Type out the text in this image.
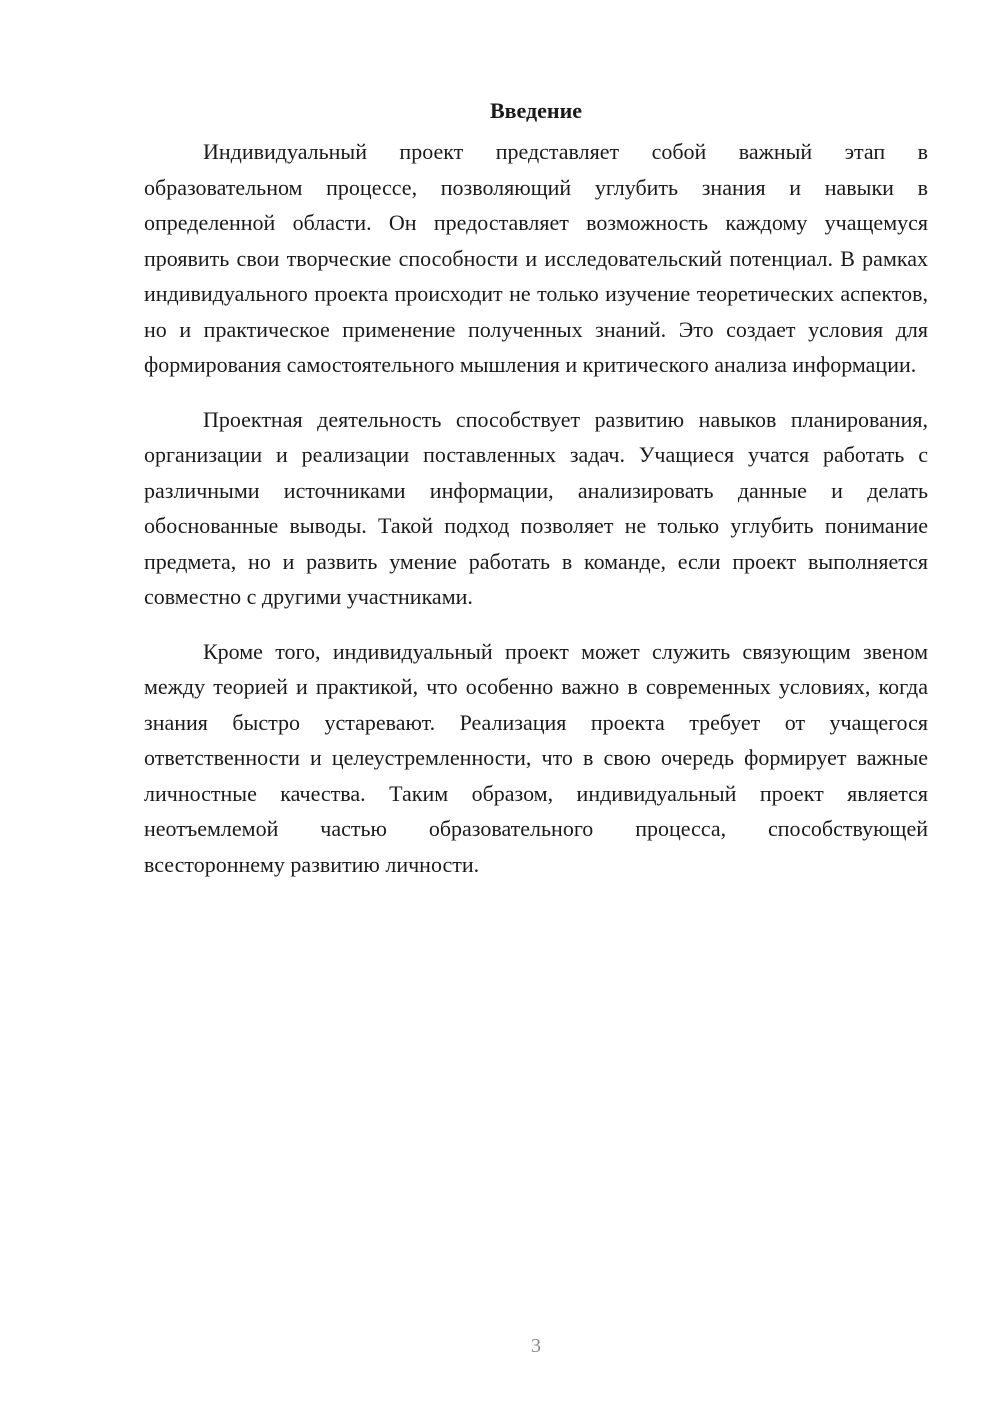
Введение

Индивидуальный проект представляет собой важный этап в образовательном процессе, позволяющий углубить знания и навыки в определенной области. Он предоставляет возможность каждому учащемуся проявить свои творческие способности и исследовательский потенциал. В рамках индивидуального проекта происходит не только изучение теоретических аспектов, но и практическое применение полученных знаний. Это создает условия для формирования самостоятельного мышления и критического анализа информации.

Проектная деятельность способствует развитию навыков планирования, организации и реализации поставленных задач. Учащиеся учатся работать с различными источниками информации, анализировать данные и делать обоснованные выводы. Такой подход позволяет не только углубить понимание предмета, но и развить умение работать в команде, если проект выполняется совместно с другими участниками.

Кроме того, индивидуальный проект может служить связующим звеном между теорией и практикой, что особенно важно в современных условиях, когда знания быстро устаревают. Реализация проекта требует от учащегося ответственности и целеустремленности, что в свою очередь формирует важные личностные качества. Таким образом, индивидуальный проект является неотъемлемой частью образовательного процесса, способствующей всестороннему развитию личности.

3
